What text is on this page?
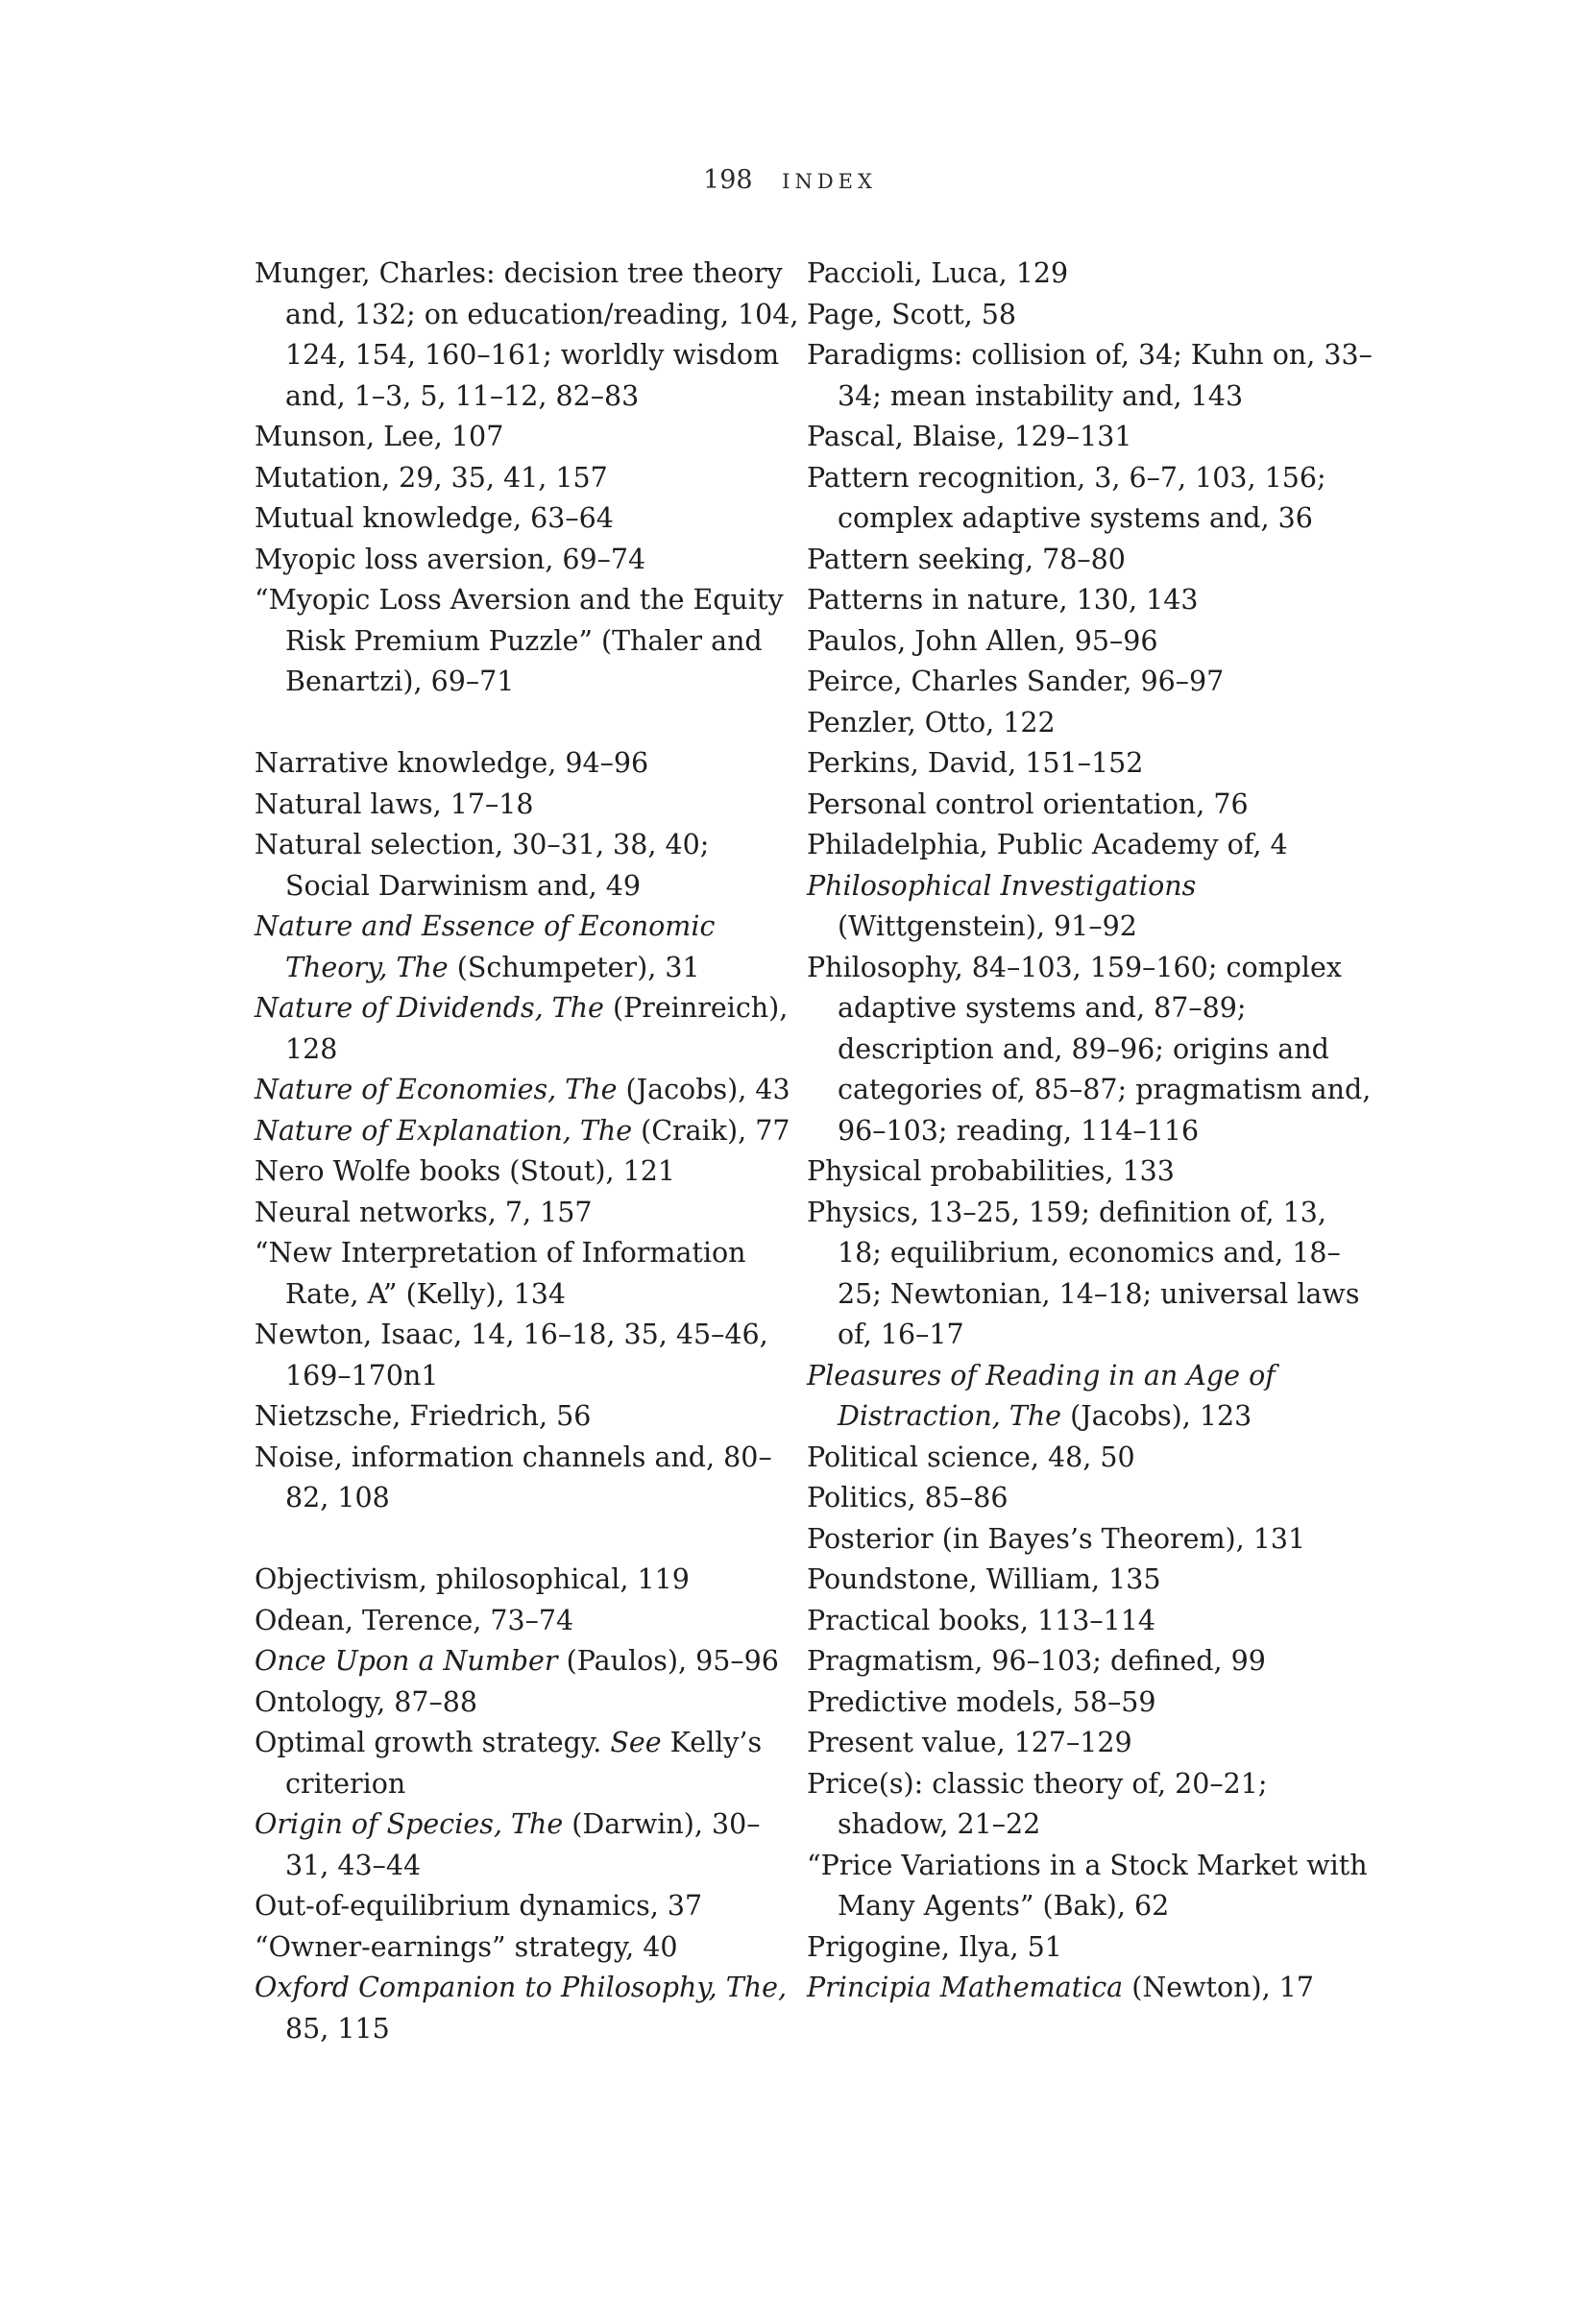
198 INDEX

Munger, Charles: decision tree theory and, 132; on education/reading, 104, 124, 154, 160–161; worldly wisdom and, 1–3, 5, 11–12, 82–83

Munson, Lee, 107

Mutation, 29, 35, 41, 157

Mutual knowledge, 63–64

Myopic loss aversion, 69–74

“Myopic Loss Aversion and the Equity Risk Premium Puzzle” (Thaler and Benartzi), 69–71

Narrative knowledge, 94–96

Natural laws, 17–18

Natural selection, 30–31, 38, 40; Social Darwinism and, 49

Nature and Essence of Economic Theory, The (Schumpeter), 31

Nature of Dividends, The (Preinreich), 128

Nature of Economies, The (Jacobs), 43

Nature of Explanation, The (Craik), 77

Nero Wolfe books (Stout), 121

Neural networks, 7, 157

“New Interpretation of Information Rate, A” (Kelly), 134

Newton, Isaac, 14, 16–18, 35, 45–46, 169–170n1

Nietzsche, Friedrich, 56

Noise, information channels and, 80–82, 108

Objectivism, philosophical, 119

Odean, Terence, 73–74

Once Upon a Number (Paulos), 95–96

Ontology, 87–88

Optimal growth strategy. See Kelly’s criterion

Origin of Species, The (Darwin), 30–31, 43–44

Out-of-equilibrium dynamics, 37

“Owner-earnings” strategy, 40

Oxford Companion to Philosophy, The, 85, 115

Paccioli, Luca, 129

Page, Scott, 58

Paradigms: collision of, 34; Kuhn on, 33–34; mean instability and, 143

Pascal, Blaise, 129–131

Pattern recognition, 3, 6–7, 103, 156; complex adaptive systems and, 36

Pattern seeking, 78–80

Patterns in nature, 130, 143

Paulos, John Allen, 95–96

Peirce, Charles Sander, 96–97

Penzler, Otto, 122

Perkins, David, 151–152

Personal control orientation, 76

Philadelphia, Public Academy of, 4

Philosophical Investigations (Wittgenstein), 91–92

Philosophy, 84–103, 159–160; complex adaptive systems and, 87–89; description and, 89–96; origins and categories of, 85–87; pragmatism and, 96–103; reading, 114–116

Physical probabilities, 133

Physics, 13–25, 159; definition of, 13, 18; equilibrium, economics and, 18–25; Newtonian, 14–18; universal laws of, 16–17

Pleasures of Reading in an Age of Distraction, The (Jacobs), 123

Political science, 48, 50

Politics, 85–86

Posterior (in Bayes’s Theorem), 131

Poundstone, William, 135

Practical books, 113–114

Pragmatism, 96–103; defined, 99

Predictive models, 58–59

Present value, 127–129

Price(s): classic theory of, 20–21; shadow, 21–22

“Price Variations in a Stock Market with Many Agents” (Bak), 62

Prigogine, Ilya, 51

Principia Mathematica (Newton), 17
